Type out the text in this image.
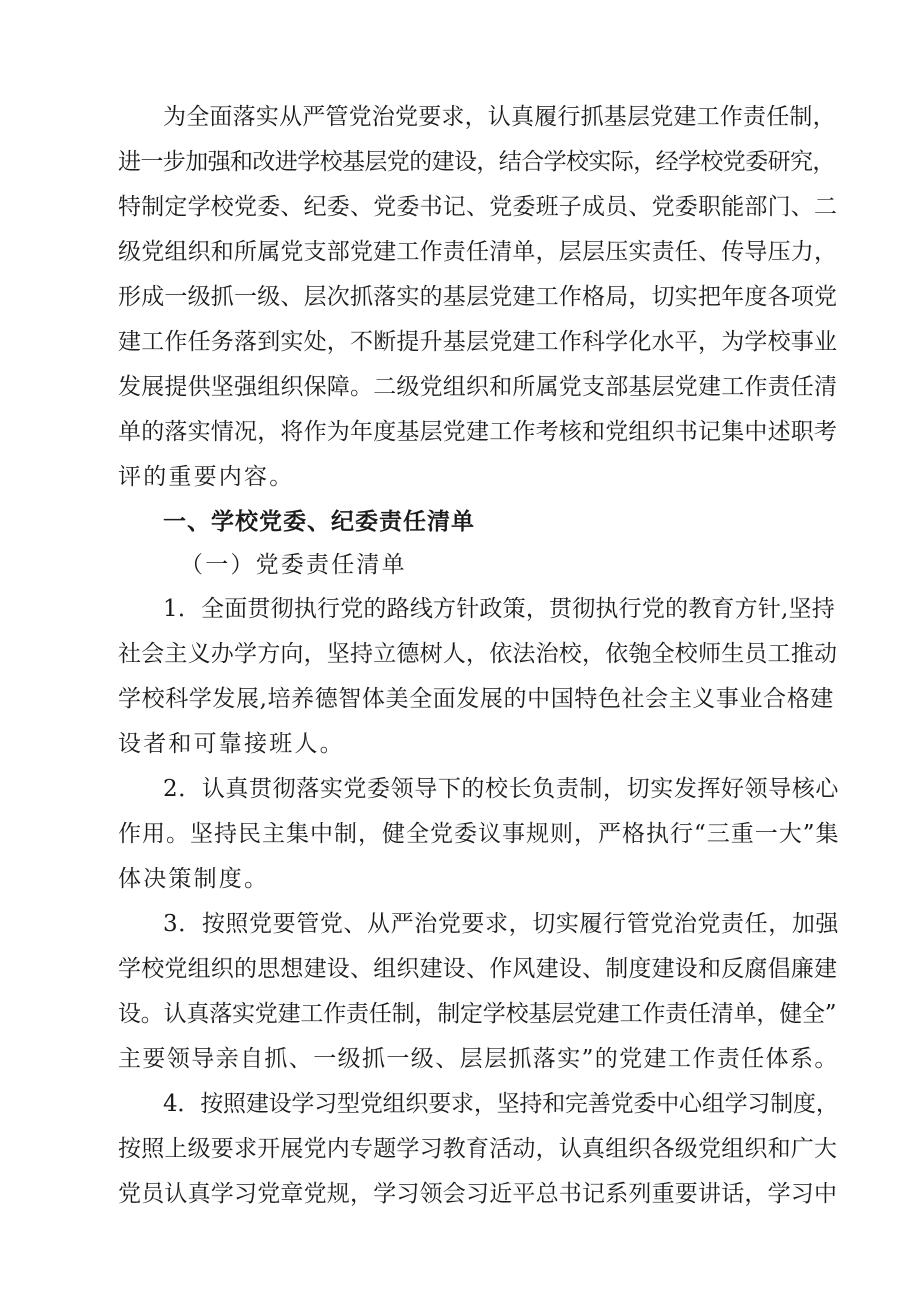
为全面落实从严管党治党要求，认真履行抓基层党建工作责任制，
进一步加强和改进学校基层党的建设，结合学校实际，经学校党委研究，
特制定学校党委、纪委、党委书记、党委班子成员、党委职能部门、二
级党组织和所属党支部党建工作责任清单，层层压实责任、传导压力，
形成一级抓一级、层次抓落实的基层党建工作格局，切实把年度各项党
建工作任务落到实处，不断提升基层党建工作科学化水平，为学校事业
发展提供坚强组织保障。二级党组织和所属党支部基层党建工作责任清
单的落实情况，将作为年度基层党建工作考核和党组织书记集中述职考
评的重要内容。
一、学校党委、纪委责任清单
（一）党委责任清单
1．全面贯彻执行党的路线方针政策，贯彻执行党的教育方针,坚持
社会主义办学方向，坚持立德树人，依法治校，依匏全校师生员工推动
学校科学发展,培养德智体美全面发展的中国特色社会主义事业合格建
设者和可靠接班人。
2．认真贯彻落实党委领导下的校长负责制，切实发挥好领导核心
作用。坚持民主集中制，健全党委议事规则，严格执行“三重一大”集
体决策制度。
3．按照党要管党、从严治党要求，切实履行管党治党责任，加强
学校党组织的思想建设、组织建设、作风建设、制度建设和反腐倡廉建
设。认真落实党建工作责任制，制定学校基层党建工作责任清单，健全”
主要领导亲自抓、一级抓一级、层层抓落实”的党建工作责任体系。
4．按照建设学习型党组织要求，坚持和完善党委中心组学习制度，
按照上级要求开展党内专题学习教育活动，认真组织各级党组织和广大
党员认真学习党章党规，学习领会习近平总书记系列重要讲话，学习中
